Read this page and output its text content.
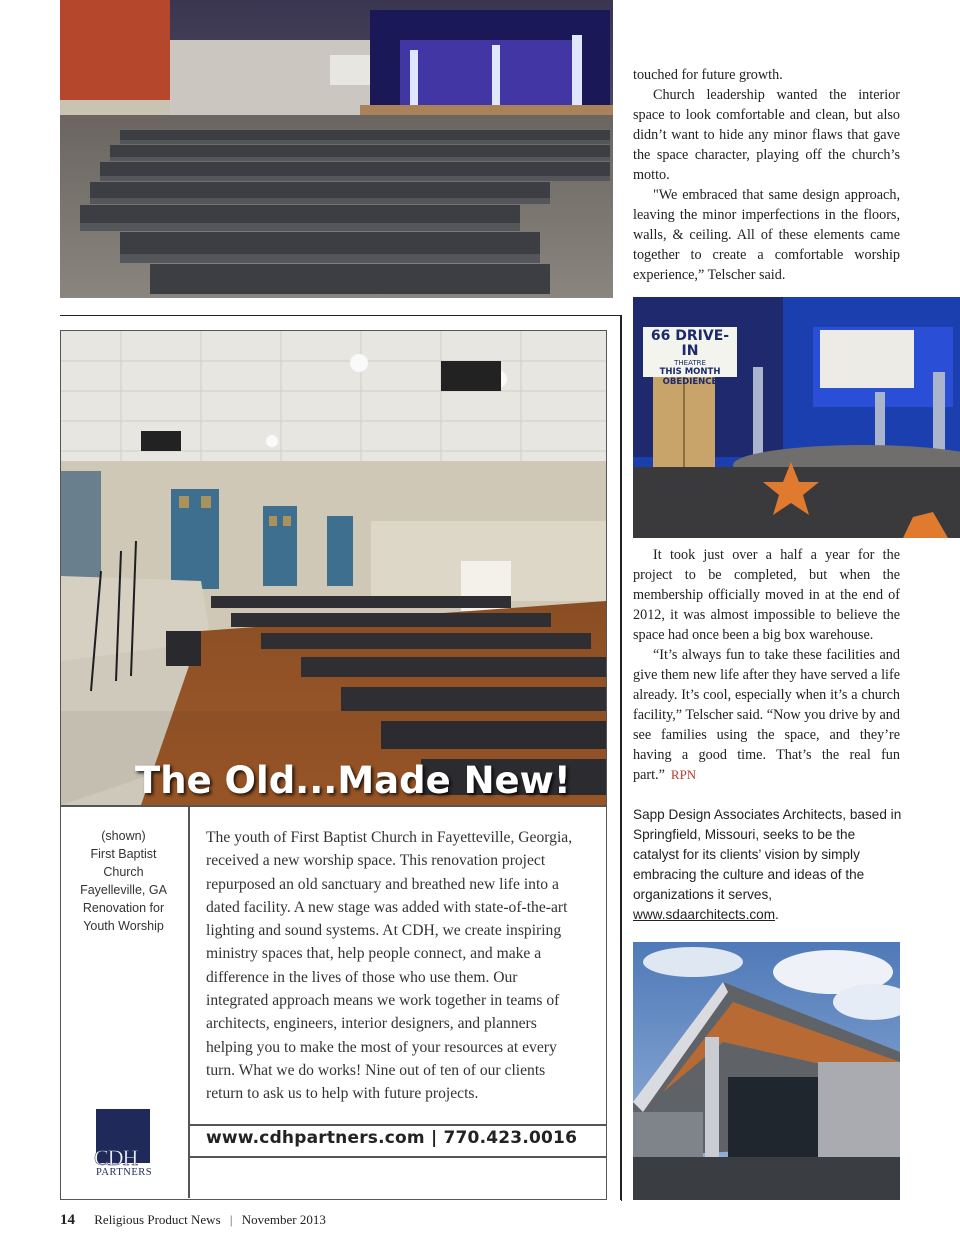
touched for future growth.

Church leadership wanted the interior space to look comfortable and clean, but also didn’t want to hide any minor flaws that gave the space character, playing off the church’s motto.

"We embraced that same design approach, leaving the minor imperfections in the floors, walls, & ceiling. All of these elements came together to create a comfortable worship experience,” Telscher said.

66 DRIVE-IN
THEATRE
THIS MONTH
OBEDIENCE

It took just over a half a year for the project to be completed, but when the membership officially moved in at the end of 2012, it was almost impossible to believe the space had once been a big box warehouse.

“It’s always fun to take these facilities and give them new life after they have served a life already. It’s cool, especially when it’s a church facility,” Telscher said. “Now you drive by and see families using the space, and they’re having a good time. That’s the real fun part.” RPN

Sapp Design Associates Architects, based in Springfield, Missouri, seeks to be the catalyst for its clients’ vision by simply embracing the culture and ideas of the organizations it serves, www.sdaarchitects.com.
The Old...Made New!
(shown)
First Baptist
Church
Fayelleville, GA
Renovation for
Youth Worship
The youth of First Baptist Church in Fayetteville, Georgia, received a new worship space. This renovation project repurposed an old sanctuary and breathed new life into a dated facility. A new stage was added with state-of-the-art lighting and sound systems. At CDH, we create inspiring ministry spaces that, help people connect, and make a difference in the lives of those who use them. Our integrated approach means we work together in teams of architects, engineers, interior designers, and planners helping you to make the most of your resources at every turn. What we do works! Nine out of ten of our clients return to ask us to help with future projects.
www.cdhpartners.com | 770.423.0016
CDH
PARTNERS
14 Religious Product News | November 2013
